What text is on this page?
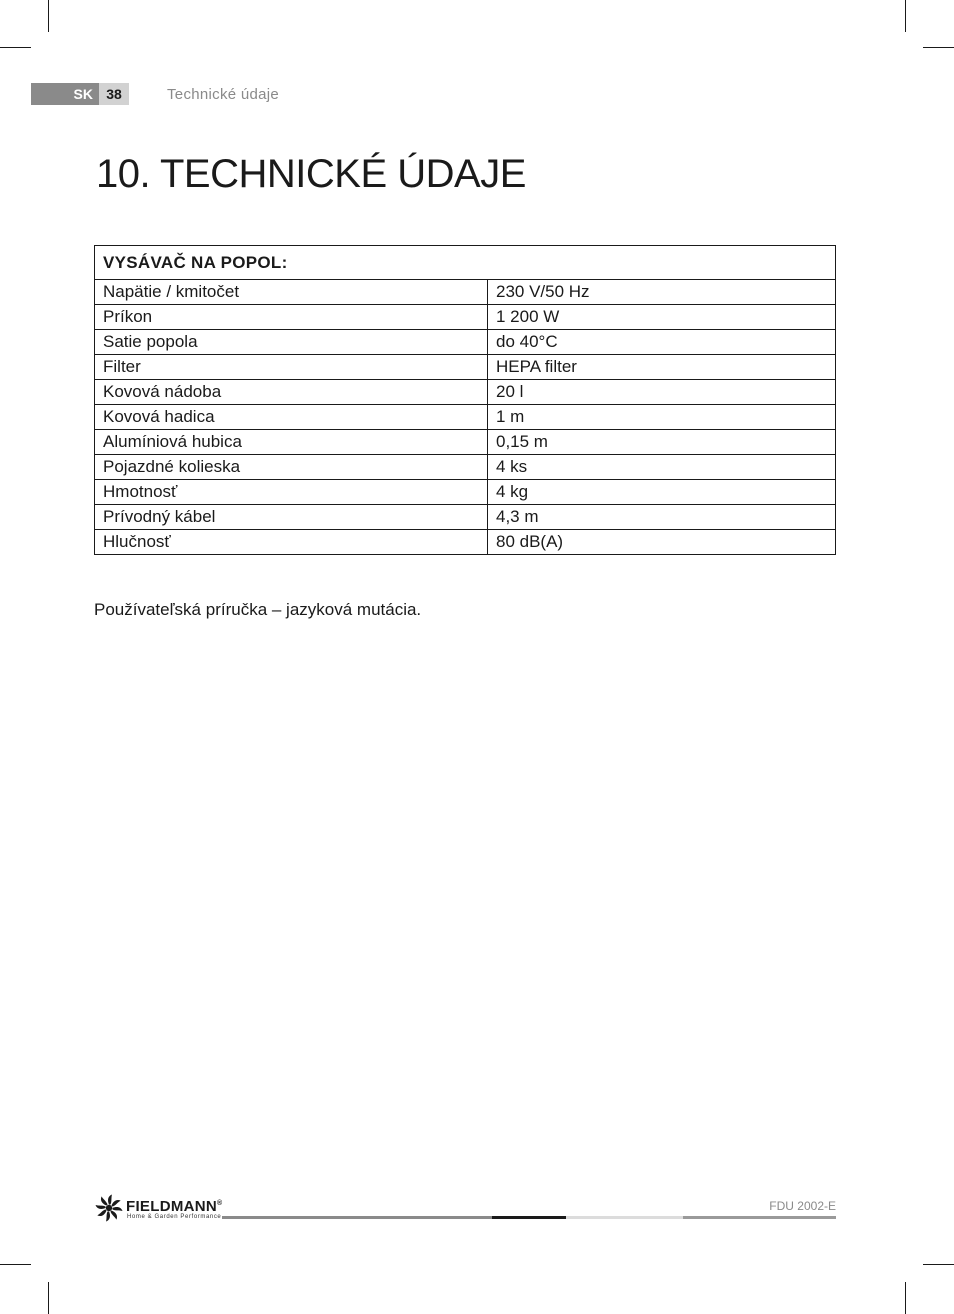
SK 38	Technické údaje
10. TECHNICKÉ ÚDAJE
VYSÁVAČ NA POPOL:	
Napätie / kmitočet	230 V/50 Hz
Príkon	1 200 W
Satie popola	do 40°C
Filter	HEPA filter
Kovová nádoba	20 l
Kovová hadica	1 m
Alumíniová hubica	0,15 m
Pojazdné kolieska	4 ks
Hmotnosť	4 kg
Prívodný kábel	4,3 m
Hlučnosť	80 dB(A)
Používateľská príručka – jazyková mutácia.
FIELDMANN®
Home & Garden Performance
FDU 2002-E
